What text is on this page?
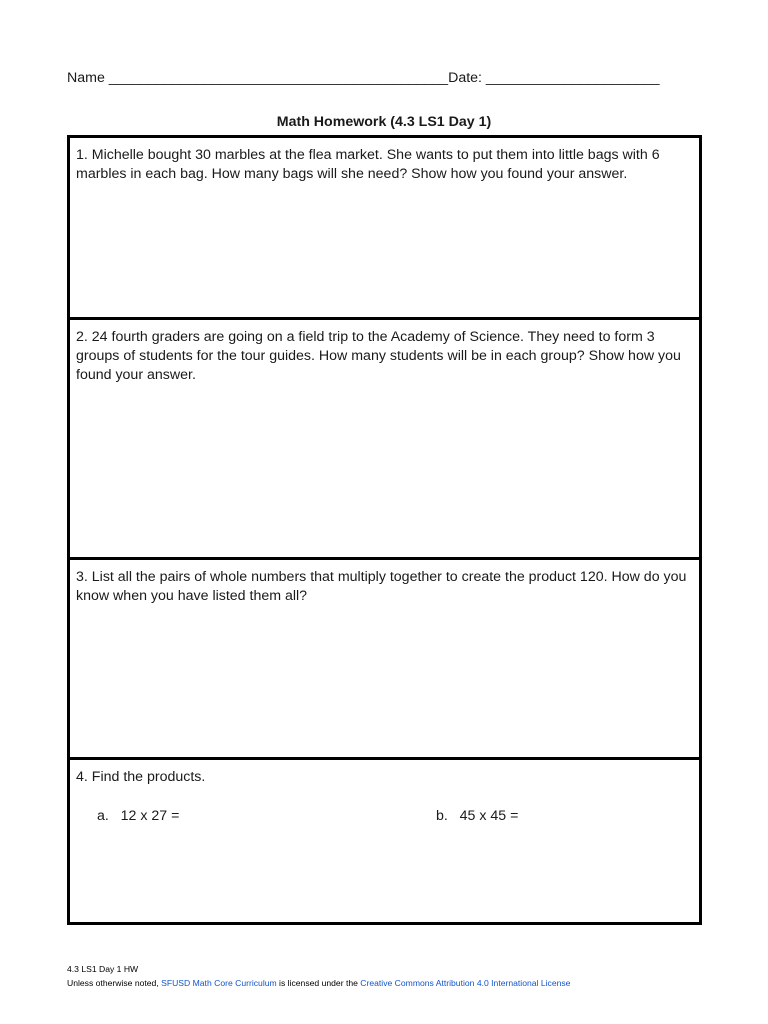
Name ___________________________________________Date: ______________________
Math Homework (4.3 LS1 Day 1)

1. Michelle bought 30 marbles at the flea market. She wants to put them into little bags with 6 marbles in each bag. How many bags will she need? Show how you found your answer.

2. 24 fourth graders are going on a field trip to the Academy of Science. They need to form 3 groups of students for the tour guides. How many students will be in each group? Show how you found your answer.

3. List all the pairs of whole numbers that multiply together to create the product 120. How do you know when you have listed them all?

4. Find the products.

a.   12 x 27 =	b.   45 x 45 =
4.3 LS1 Day 1 HW
Unless otherwise noted, SFUSD Math Core Curriculum is licensed under the Creative Commons Attribution 4.0 International License
